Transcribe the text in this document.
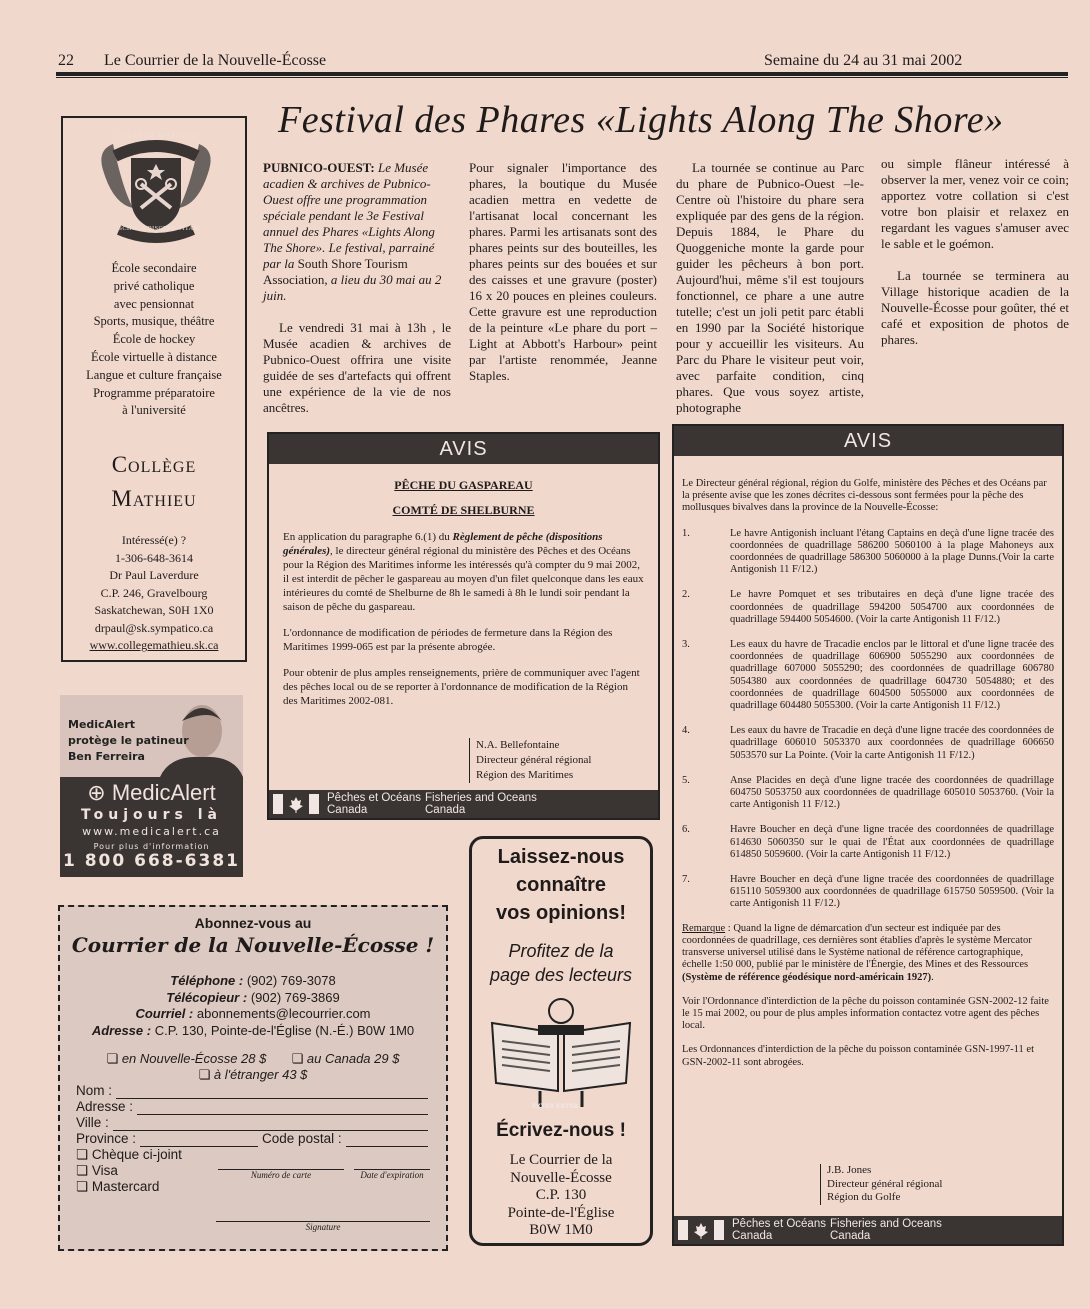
22 Le Courrier de la Nouvelle-Écosse	Semaine du 24 au 31 mai 2002
Festival des Phares «Lights Along The Shore»
COLLÈGE MATHIEU
SCHOLA DISCERE VITAM
École secondaire
privé catholique
avec pensionnat
Sports, musique, théâtre
École de hockey
École virtuelle à distance
Langue et culture française
Programme préparatoire
à l'université
Collège
Mathieu
Intéressé(e) ?
1-306-648-3614
Dr Paul Laverdure
C.P. 246, Gravelbourg
Saskatchewan, S0H 1X0
drpaul@sk.sympatico.ca
www.collegemathieu.sk.ca
MedicAlert
protège le patineur
Ben Ferreira
⊕ MedicAlert
Toujours là
www.medicalert.ca
Pour plus d'information
1 800 668-6381
Abonnez-vous au
Courrier de la Nouvelle-Écosse !
Téléphone : (902) 769-3078
Télécopieur : (902) 769-3869
Courriel : abonnements@lecourrier.com
Adresse : C.P. 130, Pointe-de-l'Église (N.-É.) B0W 1M0
❏ en Nouvelle-Écosse 28 $ ❏ au Canada 29 $
❏ à l'étranger 43 $
Nom :
Adresse :
Ville :
Province :	Code postal :
❏ Chèque ci-joint
❏ Visa
❏ Mastercard
Numéro de carte	Date d'expiration
Signature

PUBNICO-OUEST: Le Musée acadien & archives de Pubnico-Ouest offre une programmation spéciale pendant le 3e Festival annuel des Phares «Lights Along The Shore». Le festival, parrainé par la South Shore Tourism Association, a lieu du 30 mai au 2 juin.

Le vendredi 31 mai à 13h , le Musée acadien & archives de Pubnico-Ouest offrira une visite guidée de ses d'artefacts qui offrent une expérience de la vie de nos ancêtres.

Pour signaler l'importance des phares, la boutique du Musée acadien mettra en vedette de l'artisanat local concernant les phares. Parmi les artisanats sont des phares peints sur des bouteilles, les phares peints sur des bouées et sur des caisses et une gravure (poster) 16 x 20 pouces en pleines couleurs. Cette gravure est une reproduction de la peinture «Le phare du port – Light at Abbott's Harbour» peint par l'artiste renommée, Jeanne Staples.

La tournée se continue au Parc du phare de Pubnico-Ouest –le- Centre où l'histoire du phare sera expliquée par des gens de la région. Depuis 1884, le Phare du Quoggeniche monte la garde pour guider les pêcheurs à bon port. Aujourd'hui, même s'il est toujours fonctionnel, ce phare a une autre tutelle; c'est un joli petit parc établi en 1990 par la Société historique pour y accueillir les visiteurs. Au Parc du Phare le visiteur peut voir, avec parfaite condition, cinq phares. Que vous soyez artiste, photographe

ou simple flâneur intéressé à observer la mer, venez voir ce coin; apportez votre collation si c'est votre bon plaisir et relaxez en regardant les vagues s'amuser avec le sable et le goémon.

La tournée se terminera au Village historique acadien de la Nouvelle-Écosse pour goûter, thé et café et exposition de photos de phares.

AVIS
PÊCHE DU GASPAREAU
COMTÉ DE SHELBURNE

En application du paragraphe 6.(1) du Règlement de pêche (dispositions générales), le directeur général régional du ministère des Pêches et des Océans pour la Région des Maritimes informe les intéressés qu'à compter du 9 mai 2002, il est interdit de pêcher le gaspareau au moyen d'un filet quelconque dans les eaux intérieures du comté de Shelburne de 8h le samedi à 8h le lundi soir pendant la saison de pêche du gaspareau.

L'ordonnance de modification de périodes de fermeture dans la Région des Maritimes 1999-065 est par la présente abrogée.

Pour obtenir de plus amples renseignements, prière de communiquer avec l'agent des pêches local ou de se reporter à l'ordonnance de modification de la Région des Maritimes 2002-081.

N.A. Bellefontaine
Directeur général régional
Région des Maritimes
Pêches et Océans
Canada
Fisheries and Oceans
Canada
Laissez-nous
connaître
vos opinions!
Profitez de la
page des lecteurs
EXTRA EXTRA
Écrivez-nous !
Le Courrier de la
Nouvelle-Écosse
C.P. 130
Pointe-de-l'Église
B0W 1M0
AVIS

Le Directeur général régional, région du Golfe, ministère des Pêches et des Océans par la présente avise que les zones décrites ci-dessous sont fermées pour la pêche des mollusques bivalves dans la province de la Nouvelle-Écosse:

1.	Le havre Antigonish incluant l'étang Captains en deçà d'une ligne tracée des coordonnées de quadrillage 586200 5060100 à la plage Mahoneys aux coordonnées de quadrillage 586300 5060000 à la plage Dunns.(Voir la carte Antigonish 11 F/12.)
2.	Le havre Pomquet et ses tributaires en deçà d'une ligne tracée des coordonnées de quadrillage 594200 5054700 aux coordonnées de quadrillage 594400 5054600. (Voir la carte Antigonish 11 F/12.)
3.	Les eaux du havre de Tracadie enclos par le littoral et d'une ligne tracée des coordonnées de quadrillage 606900 5055290 aux coordonnées de quadrillage 607000 5055290; des coordonnées de quadrillage 606780 5054380 aux coordonnées de quadrillage 604730 5054880; et des coordonnées de quadrillage 604500 5055000 aux coordonnées de quadrillage 604480 5055300. (Voir la carte Antigonish 11 F/12.)
4.	Les eaux du havre de Tracadie en deçà d'une ligne tracée des coordonnées de quadrillage 606010 5053370 aux coordonnées de quadrillage 606650 5053570 sur La Pointe. (Voir la carte Antigonish 11 F/12.)
5.	Anse Placides en deçà d'une ligne tracée des coordonnées de quadrillage 604750 5053750 aux coordonnées de quadrillage 605010 5053760. (Voir la carte Antigonish 11 F/12.)
6.	Havre Boucher en deçà d'une ligne tracée des coordonnées de quadrillage 614630 5060350 sur le quai de l'État aux coordonnées de quadrillage 614850 5059600. (Voir la carte Antigonish 11 F/12.)
7.	Havre Boucher en deçà d'une ligne tracée des coordonnées de quadrillage 615110 5059300 aux coordonnées de quadrillage 615750 5059500. (Voir la carte Antigonish 11 F/12.)

Remarque : Quand la ligne de démarcation d'un secteur est indiquée par des coordonnées de quadrillage, ces dernières sont établies d'après le système Mercator transverse universel utilisé dans le Système national de référence cartographique, échelle 1:50 000, publié par le ministère de l'Énergie, des Mines et des Ressources (Système de référence géodésique nord-américain 1927).

Voir l'Ordonnance d'interdiction de la pêche du poisson contaminée GSN-2002-12 faite le 15 mai 2002, ou pour de plus amples information contactez votre agent des pêches local.

Les Ordonnances d'interdiction de la pêche du poisson contaminée GSN-1997-11 et GSN-2002-11 sont abrogées.

J.B. Jones
Directeur général régional
Région du Golfe
Pêches et Océans
Canada
Fisheries and Oceans
Canada
